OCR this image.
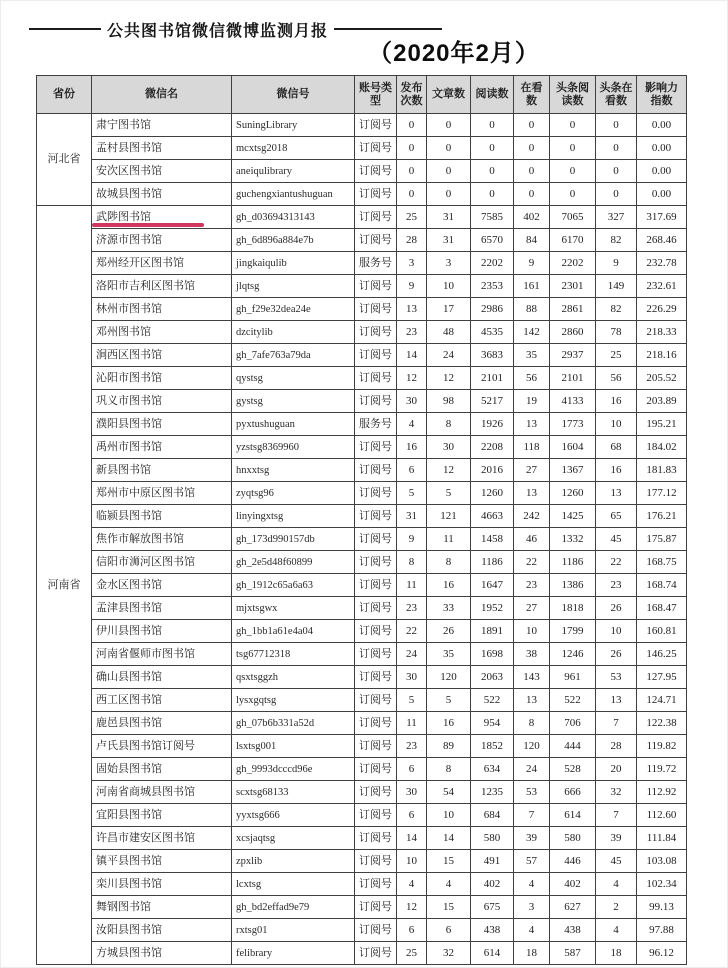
公共图书馆微信微博监测月报
（2020年2月）
省份	微信名	微信号	账号类型	发布次数	文章数	阅读数	在看数	头条阅读数	头条在看数	影响力指数
河北省	肃宁图书馆	SuningLibrary	订阅号	0	0	0	0	0	0	0.00
	孟村县图书馆	mcxtsg2018	订阅号	0	0	0	0	0	0	0.00
	安次区图书馆	aneiqulibrary	订阅号	0	0	0	0	0	0	0.00
	故城县图书馆	guchengxiantushuguan	订阅号	0	0	0	0	0	0	0.00
河南省	武陟图书馆	gh_d03694313143	订阅号	25	31	7585	402	7065	327	317.69
	济源市图书馆	gh_6d896a884e7b	订阅号	28	31	6570	84	6170	82	268.46
	郑州经开区图书馆	jingkaiqulib	服务号	3	3	2202	9	2202	9	232.78
	洛阳市吉利区图书馆	jlqtsg	订阅号	9	10	2353	161	2301	149	232.61
	林州市图书馆	gh_f29e32dea24e	订阅号	13	17	2986	88	2861	82	226.29
	邓州图书馆	dzcitylib	订阅号	23	48	4535	142	2860	78	218.33
	涧西区图书馆	gh_7afe763a79da	订阅号	14	24	3683	35	2937	25	218.16
	沁阳市图书馆	qystsg	订阅号	12	12	2101	56	2101	56	205.52
	巩义市图书馆	gystsg	订阅号	30	98	5217	19	4133	16	203.89
	濮阳县图书馆	pyxtushuguan	服务号	4	8	1926	13	1773	10	195.21
	禹州市图书馆	yzstsg8369960	订阅号	16	30	2208	118	1604	68	184.02
	新县图书馆	hnxxtsg	订阅号	6	12	2016	27	1367	16	181.83
	郑州市中原区图书馆	zyqtsg96	订阅号	5	5	1260	13	1260	13	177.12
	临颍县图书馆	linyingxtsg	订阅号	31	121	4663	242	1425	65	176.21
	焦作市解放图书馆	gh_173d990157db	订阅号	9	11	1458	46	1332	45	175.87
	信阳市浉河区图书馆	gh_2e5d48f60899	订阅号	8	8	1186	22	1186	22	168.75
	金水区图书馆	gh_1912c65a6a63	订阅号	11	16	1647	23	1386	23	168.74
	孟津县图书馆	mjxtsgwx	订阅号	23	33	1952	27	1818	26	168.47
	伊川县图书馆	gh_1bb1a61e4a04	订阅号	22	26	1891	10	1799	10	160.81
	河南省偃师市图书馆	tsg67712318	订阅号	24	35	1698	38	1246	26	146.25
	确山县图书馆	qsxtsggzh	订阅号	30	120	2063	143	961	53	127.95
	西工区图书馆	lysxgqtsg	订阅号	5	5	522	13	522	13	124.71
	鹿邑县图书馆	gh_07b6b331a52d	订阅号	11	16	954	8	706	7	122.38
	卢氏县图书馆订阅号	lsxtsg001	订阅号	23	89	1852	120	444	28	119.82
	固始县图书馆	gh_9993dcccd96e	订阅号	6	8	634	24	528	20	119.72
	河南省商城县图书馆	scxtsg68133	订阅号	30	54	1235	53	666	32	112.92
	宜阳县图书馆	yyxtsg666	订阅号	6	10	684	7	614	7	112.60
	许昌市建安区图书馆	xcsjaqtsg	订阅号	14	14	580	39	580	39	111.84
	镇平县图书馆	zpxlib	订阅号	10	15	491	57	446	45	103.08
	栾川县图书馆	lcxtsg	订阅号	4	4	402	4	402	4	102.34
	舞钢图书馆	gh_bd2effad9e79	订阅号	12	15	675	3	627	2	99.13
	汝阳县图书馆	rxtsg01	订阅号	6	6	438	4	438	4	97.88
	方城县图书馆	felibrary	订阅号	25	32	614	18	587	18	96.12
